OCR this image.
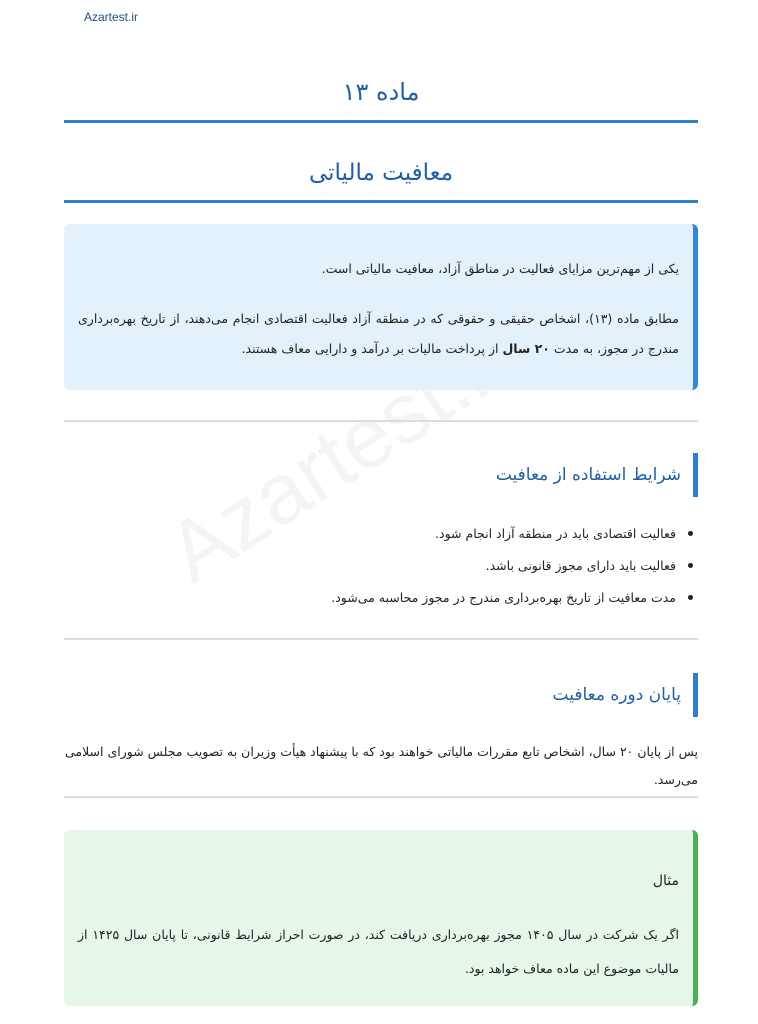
Azartest.ir
ماده ۱۳
معافیت مالیاتی

یکی از مهم‌ترین مزایای فعالیت در مناطق آزاد، معافیت مالیاتی است.

مطابق ماده (۱۳)، اشخاص حقیقی و حقوقی که در منطقه آزاد فعالیت اقتصادی انجام می‌دهند، از تاریخ بهره‌برداری مندرج در مجوز، به مدت ۲۰ سال از پرداخت مالیات بر درآمد و دارایی معاف هستند.

شرایط استفاده از معافیت
فعالیت اقتصادی باید در منطقه آزاد انجام شود.
فعالیت باید دارای مجوز قانونی باشد.
مدت معافیت از تاریخ بهره‌برداری مندرج در مجوز محاسبه می‌شود.
پایان دوره معافیت
پس از پایان ۲۰ سال، اشخاص تابع مقررات مالیاتی خواهند بود که با پیشنهاد هیأت وزیران به تصویب مجلس شورای اسلامی می‌رسد.
مثال
اگر یک شرکت در سال ۱۴۰۵ مجوز بهره‌برداری دریافت کند، در صورت احراز شرایط قانونی، تا پایان سال ۱۴۲۵ از مالیات موضوع این ماده معاف خواهد بود.
